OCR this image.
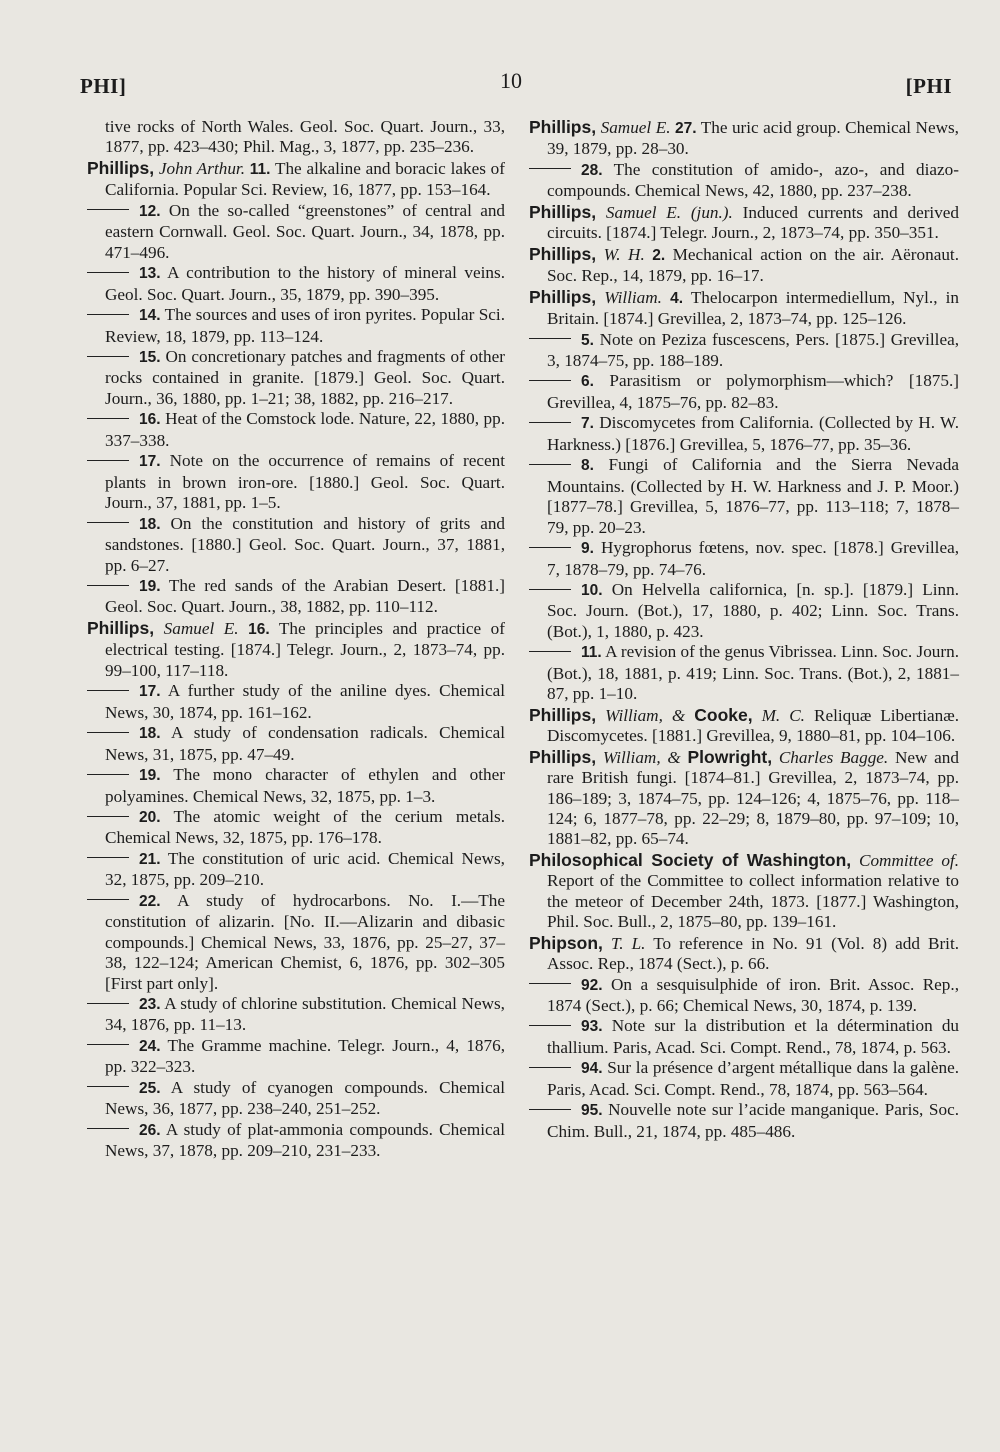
PHI]	10	[PHI

tive rocks of North Wales. Geol. Soc. Quart. Journ., 33, 1877, pp. 423–430; Phil. Mag., 3, 1877, pp. 235–236.

Phillips, John Arthur. 11. The alkaline and boracic lakes of California. Popular Sci. Review, 16, 1877, pp. 153–164.

12. On the so-called “greenstones” of central and eastern Cornwall. Geol. Soc. Quart. Journ., 34, 1878, pp. 471–496.

13. A contribution to the history of mineral veins. Geol. Soc. Quart. Journ., 35, 1879, pp. 390–395.

14. The sources and uses of iron pyrites. Popular Sci. Review, 18, 1879, pp. 113–124.

15. On concretionary patches and fragments of other rocks contained in granite. [1879.] Geol. Soc. Quart. Journ., 36, 1880, pp. 1–21; 38, 1882, pp. 216–217.

16. Heat of the Comstock lode. Nature, 22, 1880, pp. 337–338.

17. Note on the occurrence of remains of recent plants in brown iron-ore. [1880.] Geol. Soc. Quart. Journ., 37, 1881, pp. 1–5.

18. On the constitution and history of grits and sandstones. [1880.] Geol. Soc. Quart. Journ., 37, 1881, pp. 6–27.

19. The red sands of the Arabian Desert. [1881.] Geol. Soc. Quart. Journ., 38, 1882, pp. 110–112.

Phillips, Samuel E. 16. The principles and practice of electrical testing. [1874.] Telegr. Journ., 2, 1873–74, pp. 99–100, 117–118.

17. A further study of the aniline dyes. Chemical News, 30, 1874, pp. 161–162.

18. A study of condensation radicals. Chemical News, 31, 1875, pp. 47–49.

19. The mono character of ethylen and other polyamines. Chemical News, 32, 1875, pp. 1–3.

20. The atomic weight of the cerium metals. Chemical News, 32, 1875, pp. 176–178.

21. The constitution of uric acid. Chemical News, 32, 1875, pp. 209–210.

22. A study of hydrocarbons. No. I.—The constitution of alizarin. [No. II.—Alizarin and dibasic compounds.] Chemical News, 33, 1876, pp. 25–27, 37–38, 122–124; American Chemist, 6, 1876, pp. 302–305 [First part only].

23. A study of chlorine substitution. Chemical News, 34, 1876, pp. 11–13.

24. The Gramme machine. Telegr. Journ., 4, 1876, pp. 322–323.

25. A study of cyanogen compounds. Chemical News, 36, 1877, pp. 238–240, 251–252.

26. A study of plat-ammonia compounds. Chemical News, 37, 1878, pp. 209–210, 231–233.

Phillips, Samuel E. 27. The uric acid group. Chemical News, 39, 1879, pp. 28–30.

28. The constitution of amido-, azo-, and diazo-compounds. Chemical News, 42, 1880, pp. 237–238.

Phillips, Samuel E. (jun.). Induced currents and derived circuits. [1874.] Telegr. Journ., 2, 1873–74, pp. 350–351.

Phillips, W. H. 2. Mechanical action on the air. Aëronaut. Soc. Rep., 14, 1879, pp. 16–17.

Phillips, William. 4. Thelocarpon intermediellum, Nyl., in Britain. [1874.] Grevillea, 2, 1873–74, pp. 125–126.

5. Note on Peziza fuscescens, Pers. [1875.] Grevillea, 3, 1874–75, pp. 188–189.

6. Parasitism or polymorphism—which? [1875.] Grevillea, 4, 1875–76, pp. 82–83.

7. Discomycetes from California. (Collected by H. W. Harkness.) [1876.] Grevillea, 5, 1876–77, pp. 35–36.

8. Fungi of California and the Sierra Nevada Mountains. (Collected by H. W. Harkness and J. P. Moor.) [1877–78.] Grevillea, 5, 1876–77, pp. 113–118; 7, 1878–79, pp. 20–23.

9. Hygrophorus fœtens, nov. spec. [1878.] Grevillea, 7, 1878–79, pp. 74–76.

10. On Helvella californica, [n. sp.]. [1879.] Linn. Soc. Journ. (Bot.), 17, 1880, p. 402; Linn. Soc. Trans. (Bot.), 1, 1880, p. 423.

11. A revision of the genus Vibrissea. Linn. Soc. Journ. (Bot.), 18, 1881, p. 419; Linn. Soc. Trans. (Bot.), 2, 1881–87, pp. 1–10.

Phillips, William, & Cooke, M. C. Reliquæ Libertianæ. Discomycetes. [1881.] Grevillea, 9, 1880–81, pp. 104–106.

Phillips, William, & Plowright, Charles Bagge. New and rare British fungi. [1874–81.] Grevillea, 2, 1873–74, pp. 186–189; 3, 1874–75, pp. 124–126; 4, 1875–76, pp. 118–124; 6, 1877–78, pp. 22–29; 8, 1879–80, pp. 97–109; 10, 1881–82, pp. 65–74.

Philosophical Society of Washington, Committee of. Report of the Committee to collect information relative to the meteor of December 24th, 1873. [1877.] Washington, Phil. Soc. Bull., 2, 1875–80, pp. 139–161.

Phipson, T. L. To reference in No. 91 (Vol. 8) add Brit. Assoc. Rep., 1874 (Sect.), p. 66.

92. On a sesquisulphide of iron. Brit. Assoc. Rep., 1874 (Sect.), p. 66; Chemical News, 30, 1874, p. 139.

93. Note sur la distribution et la détermination du thallium. Paris, Acad. Sci. Compt. Rend., 78, 1874, p. 563.

94. Sur la présence d’argent métallique dans la galène. Paris, Acad. Sci. Compt. Rend., 78, 1874, pp. 563–564.

95. Nouvelle note sur l’acide manganique. Paris, Soc. Chim. Bull., 21, 1874, pp. 485–486.
